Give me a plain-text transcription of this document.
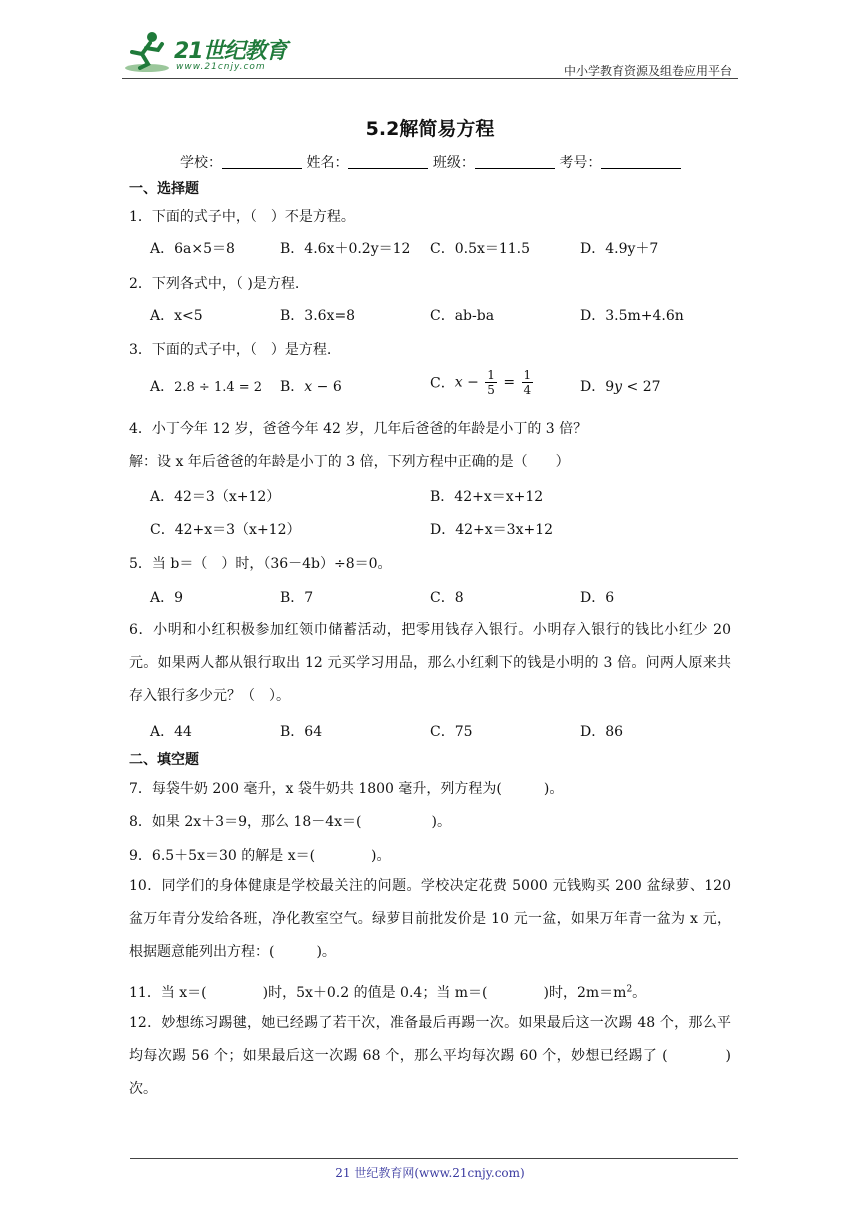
21世纪教育
www.21cnjy.com	中小学教育资源及组卷应用平台
5.2解简易方程
学校：	姓名：	班级：	考号：
一、选择题
1．下面的式子中，（　）不是方程。
A．6a×5＝8	B．4.6x＋0.2y＝12 C．0.5x＝11.5	D．4.9y＋7
2．下列各式中，（ )是方程.
A．x<5	B．3.6x=8	C．ab-ba	D．3.5m+4.6n
3．下面的式子中，（　）是方程.
A．2.8 ÷ 1.4 = 2 B．x − 6	C．$x - \frac{1}{5} = \frac{1}{4}$	D．9y < 27
4．小丁今年 12 岁，爸爸今年 42 岁，几年后爸爸的年龄是小丁的 3 倍？
解：设 x 年后爸爸的年龄是小丁的 3 倍，下列方程中正确的是（　　）
A．42＝3（x+12）	B．42+x＝x+12
C．42+x＝3（x+12）	D．42+x＝3x+12
5．当 b＝（　）时，（36－4b）÷8＝0。
A．9	B．7	C．8	D．6
6．小明和小红积极参加红领巾储蓄活动，把零用钱存入银行。小明存入银行的钱比小红少 20 元。如果两人都从银行取出 12 元买学习用品，那么小红剩下的钱是小明的 3 倍。问两人原来共存入银行多少元？（　）。
A．44	B．64	C．75	D．86
二、填空题
7．每袋牛奶 200 毫升，x 袋牛奶共 1800 毫升，列方程为(　　　)。
8．如果 2x＋3＝9，那么 18－4x＝(　　　　　)。
9．6.5＋5x＝30 的解是 x＝(　　　　)。
10．同学们的身体健康是学校最关注的问题。学校决定花费 5000 元钱购买 200 盆绿萝、120 盆万年青分发给各班，净化教室空气。绿萝目前批发价是 10 元一盆，如果万年青一盆为 x 元，根据题意能列出方程：(　　　)。
11．当 x＝(　　　　)时，5x＋0.2 的值是 0.4；当 m＝(　　　　)时，$2m=m^2$。
12．妙想练习踢毽，她已经踢了若干次，准备最后再踢一次。如果最后这一次踢 48 个，那么平均每次踢 56 个；如果最后这一次踢 68 个，那么平均每次踢 60 个，妙想已经踢了 (　　　　)次。
21 世纪教育网(www.21cnjy.com)
